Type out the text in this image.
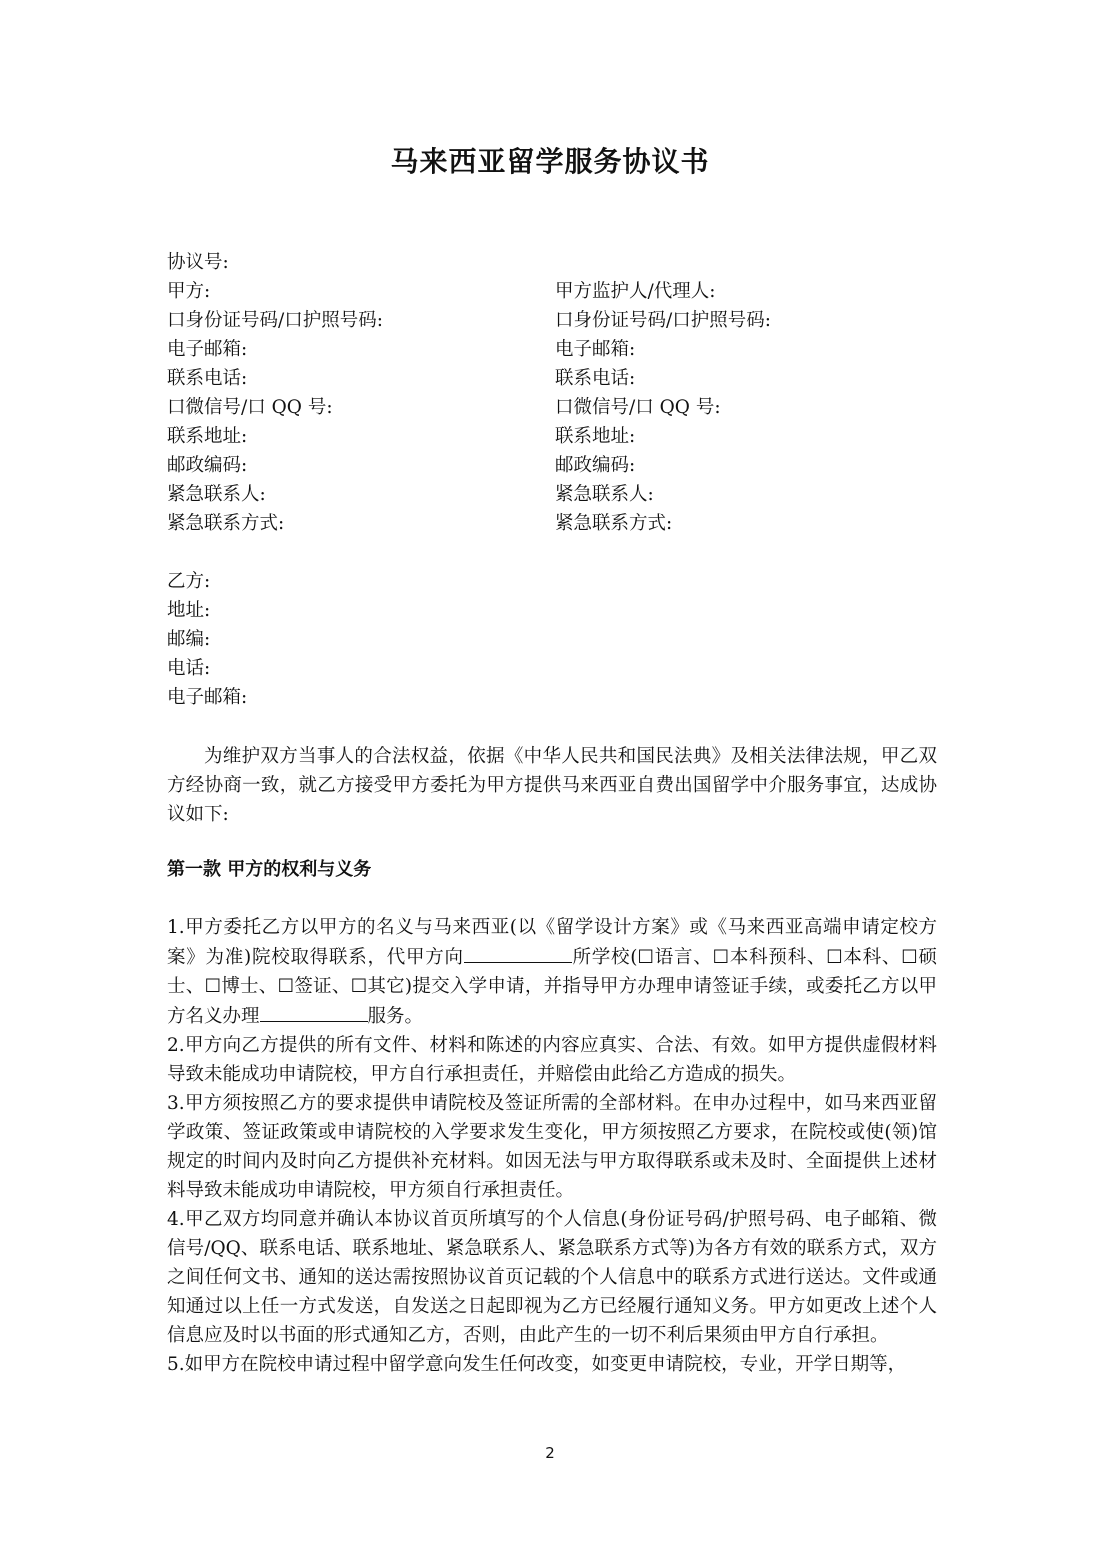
马来西亚留学服务协议书
协议号:
甲方:	甲方监护人/代理人:
口身份证号码/口护照号码:	口身份证号码/口护照号码:
电子邮箱:	电子邮箱:
联系电话:	联系电话:
口微信号/口 QQ 号:	口微信号/口 QQ 号:
联系地址:	联系地址:
邮政编码:	邮政编码:
紧急联系人:	紧急联系人:
紧急联系方式:	紧急联系方式:
乙方:
地址:
邮编:
电话:
电子邮箱:

为维护双方当事人的合法权益，依据《中华人民共和国民法典》及相关法律法规，甲乙双方经协商一致，就乙方接受甲方委托为甲方提供马来西亚自费出国留学中介服务事宜，达成协议如下:

第一款 甲方的权利与义务
1.甲方委托乙方以甲方的名义与马来西亚(以《留学设计方案》或《马来西亚高端申请定校方案》为准)院校取得联系，代甲方向	所学校(☐语言、☐本科预科、☐本科、☐硕士、☐博士、☐签证、☐其它)提交入学申请，并指导甲方办理申请签证手续，或委托乙方以甲方名义办理	服务。
2.甲方向乙方提供的所有文件、材料和陈述的内容应真实、合法、有效。如甲方提供虚假材料导致未能成功申请院校，甲方自行承担责任，并赔偿由此给乙方造成的损失。
3.甲方须按照乙方的要求提供申请院校及签证所需的全部材料。在申办过程中，如马来西亚留学政策、签证政策或申请院校的入学要求发生变化，甲方须按照乙方要求，在院校或使(领)馆规定的时间内及时向乙方提供补充材料。如因无法与甲方取得联系或未及时、全面提供上述材料导致未能成功申请院校，甲方须自行承担责任。
4.甲乙双方均同意并确认本协议首页所填写的个人信息(身份证号码/护照号码、电子邮箱、微信号/QQ、联系电话、联系地址、紧急联系人、紧急联系方式等)为各方有效的联系方式，双方之间任何文书、通知的送达需按照协议首页记载的个人信息中的联系方式进行送达。文件或通知通过以上任一方式发送，自发送之日起即视为乙方已经履行通知义务。甲方如更改上述个人信息应及时以书面的形式通知乙方，否则，由此产生的一切不利后果须由甲方自行承担。
5.如甲方在院校申请过程中留学意向发生任何改变，如变更申请院校，专业，开学日期等，
2
